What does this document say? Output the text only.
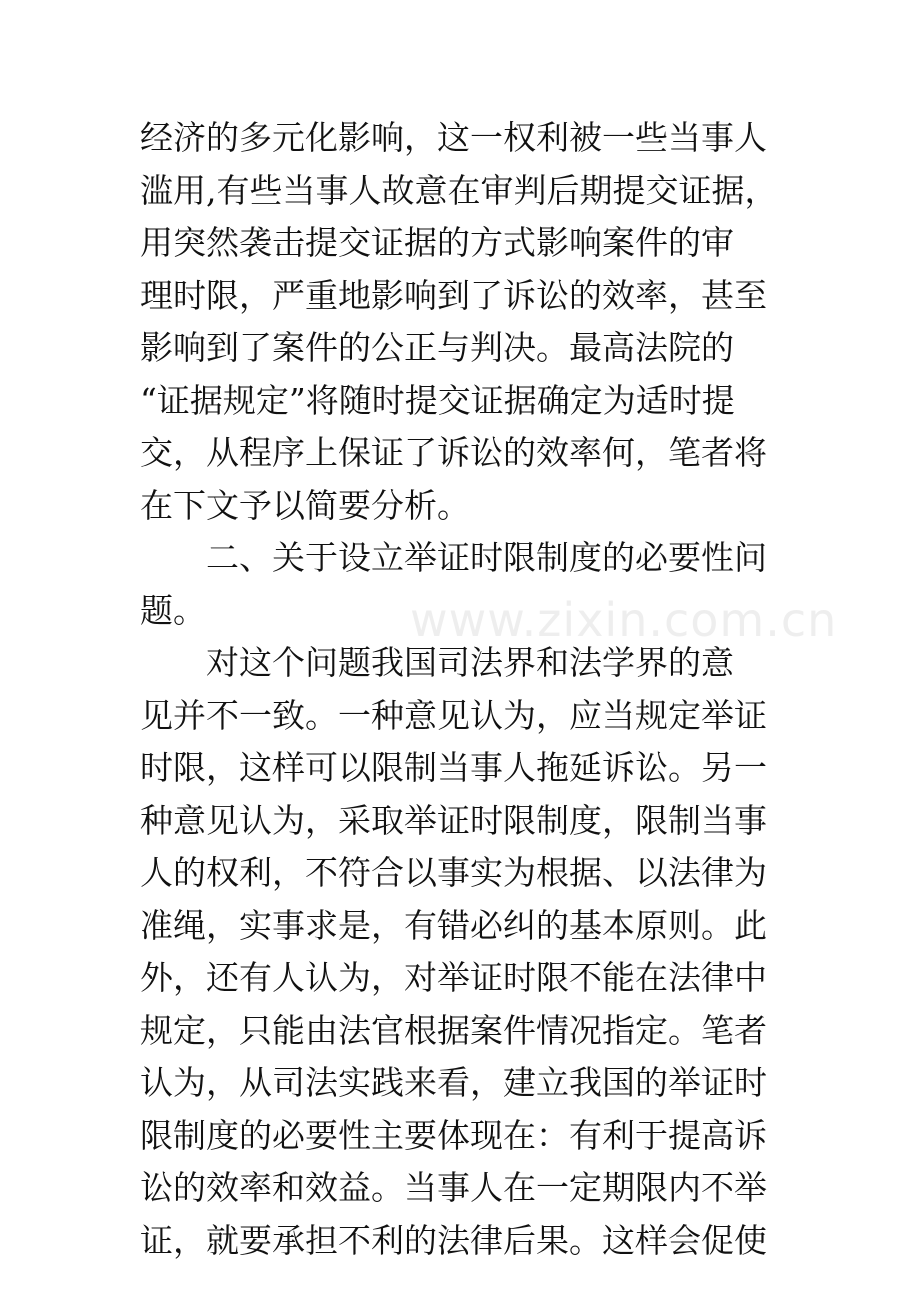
经济的多元化影响，这一权利被一些当事人
滥用,有些当事人故意在审判后期提交证据，
用突然袭击提交证据的方式影响案件的审
理时限，严重地影响到了诉讼的效率，甚至
影响到了案件的公正与判决。最高法院的
“证据规定”将随时提交证据确定为适时提
交，从程序上保证了诉讼的效率何，笔者将
在下文予以简要分析。
二、关于设立举证时限制度的必要性问
题。
对这个问题我国司法界和法学界的意
见并不一致。一种意见认为，应当规定举证
时限，这样可以限制当事人拖延诉讼。另一
种意见认为，采取举证时限制度，限制当事
人的权利，不符合以事实为根据、以法律为
准绳，实事求是，有错必纠的基本原则。此
外，还有人认为，对举证时限不能在法律中
规定，只能由法官根据案件情况指定。笔者
认为，从司法实践来看，建立我国的举证时
限制度的必要性主要体现在：有利于提高诉
讼的效率和效益。当事人在一定期限内不举
证，就要承担不利的法律后果。这样会促使
www.zixin.com.cn
